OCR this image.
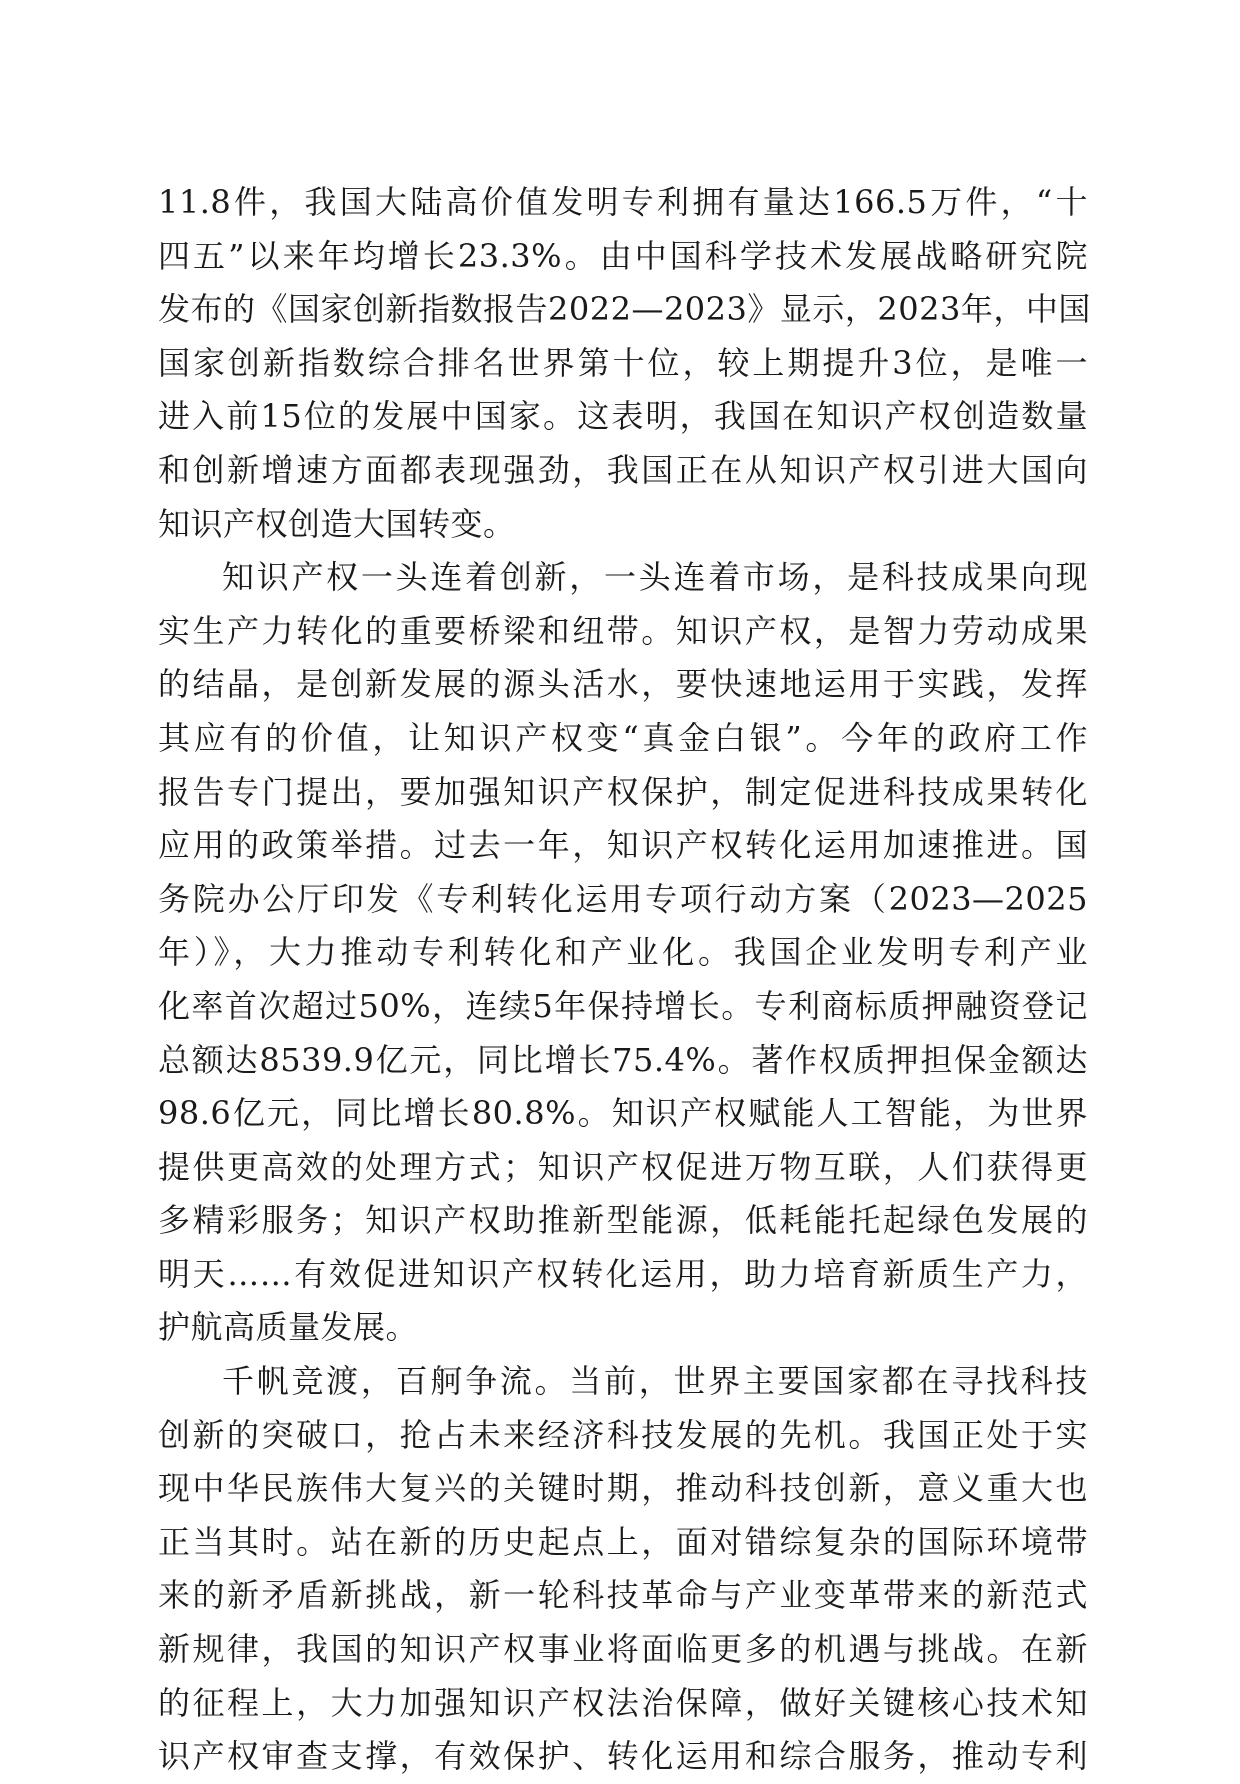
11.8件，我国大陆高价值发明专利拥有量达166.5万件，“十
四五”以来年均增长23.3%。由中国科学技术发展战略研究院
发布的《国家创新指数报告2022—2023》显示，2023年，中国
国家创新指数综合排名世界第十位，较上期提升3位，是唯一
进入前15位的发展中国家。这表明，我国在知识产权创造数量
和创新增速方面都表现强劲，我国正在从知识产权引进大国向
知识产权创造大国转变。
知识产权一头连着创新，一头连着市场，是科技成果向现
实生产力转化的重要桥梁和纽带。知识产权，是智力劳动成果
的结晶，是创新发展的源头活水，要快速地运用于实践，发挥
其应有的价值，让知识产权变“真金白银”。今年的政府工作
报告专门提出，要加强知识产权保护，制定促进科技成果转化
应用的政策举措。过去一年，知识产权转化运用加速推进。国
务院办公厅印发《专利转化运用专项行动方案（2023—2025
年）》，大力推动专利转化和产业化。我国企业发明专利产业
化率首次超过50%，连续5年保持增长。专利商标质押融资登记
总额达8539.9亿元，同比增长75.4%。著作权质押担保金额达
98.6亿元，同比增长80.8%。知识产权赋能人工智能，为世界
提供更高效的处理方式；知识产权促进万物互联，人们获得更
多精彩服务；知识产权助推新型能源，低耗能托起绿色发展的
明天……有效促进知识产权转化运用，助力培育新质生产力，
护航高质量发展。
千帆竞渡，百舸争流。当前，世界主要国家都在寻找科技
创新的突破口，抢占未来经济科技发展的先机。我国正处于实
现中华民族伟大复兴的关键时期，推动科技创新，意义重大也
正当其时。站在新的历史起点上，面对错综复杂的国际环境带
来的新矛盾新挑战，新一轮科技革命与产业变革带来的新范式
新规律，我国的知识产权事业将面临更多的机遇与挑战。在新
的征程上，大力加强知识产权法治保障，做好关键核心技术知
识产权审查支撑，有效保护、转化运用和综合服务，推动专利
